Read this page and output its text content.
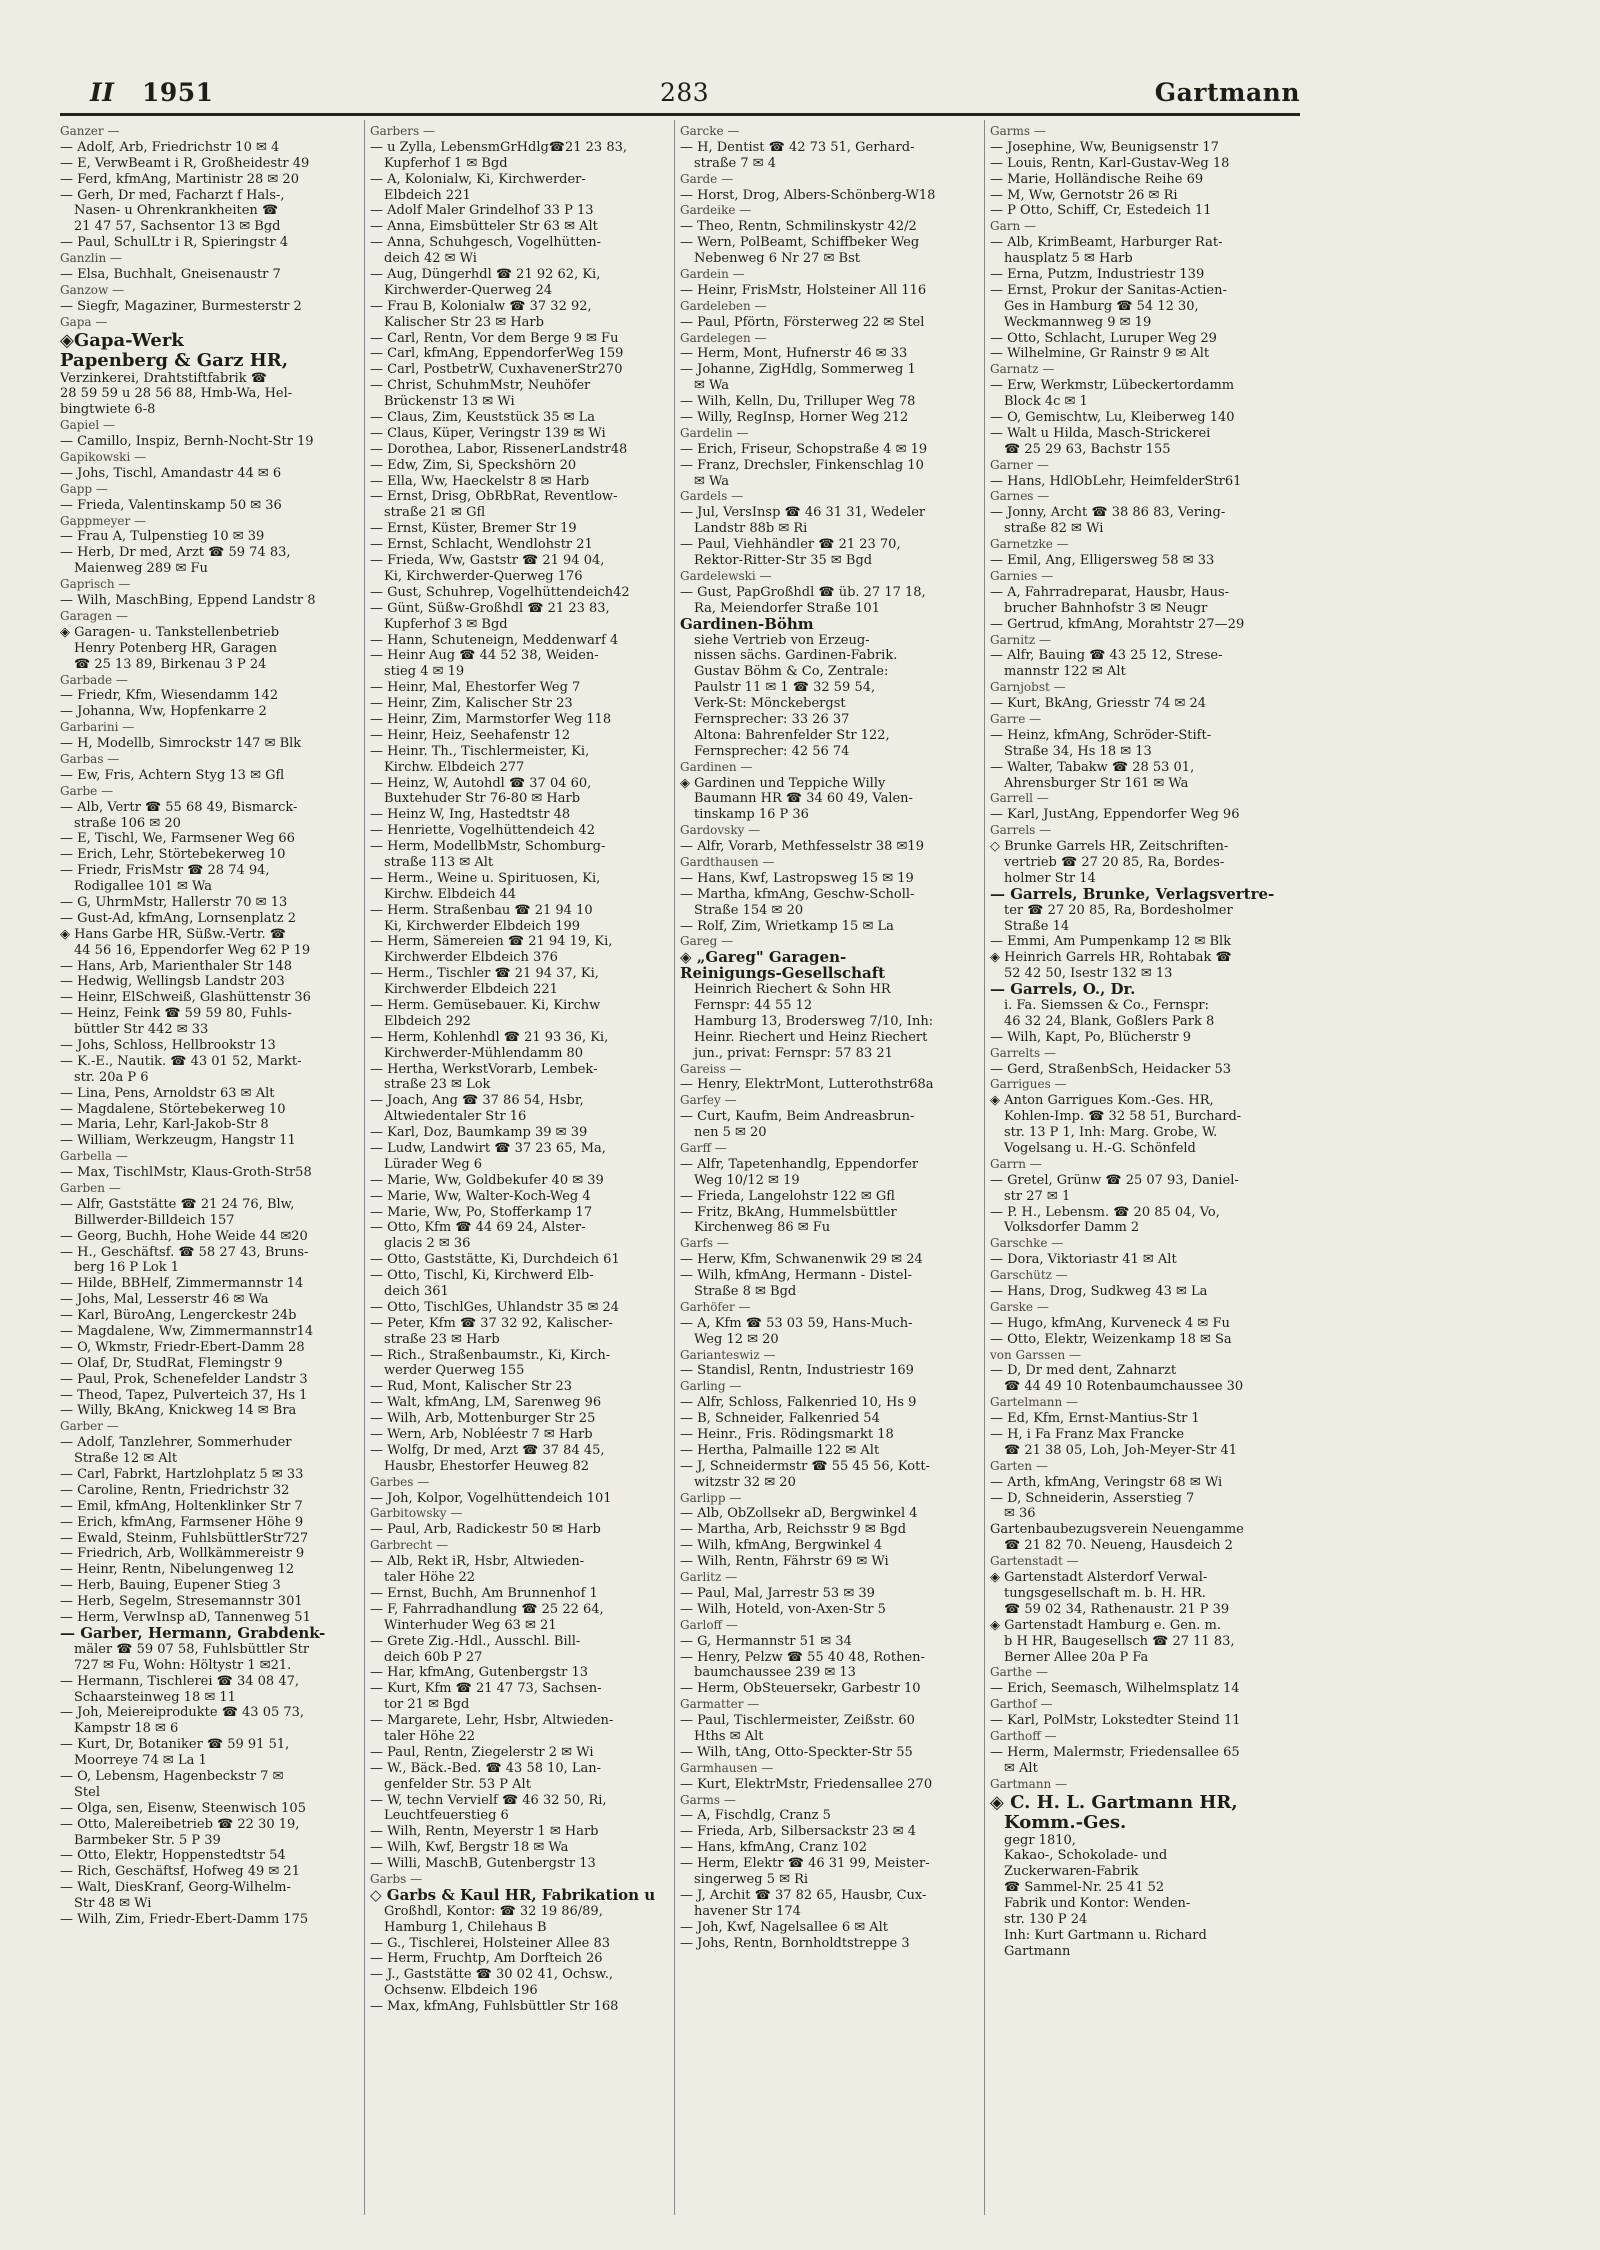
II 1951	283	Gartmann
Ganzer —
— Adolf, Arb, Friedrichstr 10 ✉ 4
— E, VerwBeamt i R, Großheidestr 49
— Ferd, kfmAng, Martinistr 28 ✉ 20
— Gerh, Dr med, Facharzt f Hals-,
Nasen- u Ohrenkrankheiten ☎
21 47 57, Sachsentor 13 ✉ Bgd
— Paul, SchulLtr i R, Spieringstr 4
Ganzlin —
— Elsa, Buchhalt, Gneisenaustr 7
Ganzow —
— Siegfr, Magaziner, Burmesterstr 2
Gapa —
◈ Gapa-Werk
Papenberg & Garz HR,
Verzinkerei, Drahtstiftfabrik ☎
28 59 59 u 28 56 88, Hmb-Wa, Hel-
bingtwiete 6-8
Gapiel —
— Camillo, Inspiz, Bernh-Nocht-Str 19
Gapikowski —
— Johs, Tischl, Amandastr 44 ✉ 6
Gapp —
— Frieda, Valentinskamp 50 ✉ 36
Gappmeyer —
— Frau A, Tulpenstieg 10 ✉ 39
— Herb, Dr med, Arzt ☎ 59 74 83,
Maienweg 289 ✉ Fu
Gaprisch —
— Wilh, MaschBing, Eppend Landstr 8
Garagen —
◈ Garagen- u. Tankstellenbetrieb
Henry Potenberg HR, Garagen
☎ 25 13 89, Birkenau 3 P 24
Garbade —
— Friedr, Kfm, Wiesendamm 142
— Johanna, Ww, Hopfenkarre 2
Garbarini —
— H, Modellb, Simrockstr 147 ✉ Blk
Garbas —
— Ew, Fris, Achtern Styg 13 ✉ Gfl
Garbe —
— Alb, Vertr ☎ 55 68 49, Bismarck-
straße 106 ✉ 20
— E, Tischl, We, Farmsener Weg 66
— Erich, Lehr, Störtebekerweg 10
— Friedr, FrisMstr ☎ 28 74 94,
Rodigallee 101 ✉ Wa
— G, UhrmMstr, Hallerstr 70 ✉ 13
— Gust-Ad, kfmAng, Lornsenplatz 2
◈ Hans Garbe HR, Süßw.-Vertr. ☎
44 56 16, Eppendorfer Weg 62 P 19
— Hans, Arb, Marienthaler Str 148
— Hedwig, Wellingsb Landstr 203
— Heinr, ElSchweiß, Glashüttenstr 36
— Heinz, Feink ☎ 59 59 80, Fuhls-
büttler Str 442 ✉ 33
— Johs, Schloss, Hellbrookstr 13
— K.-E., Nautik. ☎ 43 01 52, Markt-
str. 20a P 6
— Lina, Pens, Arnoldstr 63 ✉ Alt
— Magdalene, Störtebekerweg 10
— Maria, Lehr, Karl-Jakob-Str 8
— William, Werkzeugm, Hangstr 11
Garbella —
— Max, TischlMstr, Klaus-Groth-Str58
Garben —
— Alfr, Gaststätte ☎ 21 24 76, Blw,
Billwerder-Billdeich 157
— Georg, Buchh, Hohe Weide 44 ✉20
— H., Geschäftsf. ☎ 58 27 43, Bruns-
berg 16 P Lok 1
— Hilde, BBHelf, Zimmermannstr 14
— Johs, Mal, Lesserstr 46 ✉ Wa
— Karl, BüroAng, Lengerckestr 24b
— Magdalene, Ww, Zimmermannstr14
— O, Wkmstr, Friedr-Ebert-Damm 28
— Olaf, Dr, StudRat, Flemingstr 9
— Paul, Prok, Schenefelder Landstr 3
— Theod, Tapez, Pulverteich 37, Hs 1
— Willy, BkAng, Knickweg 14 ✉ Bra
Garber —
— Adolf, Tanzlehrer, Sommerhuder
Straße 12 ✉ Alt
— Carl, Fabrkt, Hartzlohplatz 5 ✉ 33
— Caroline, Rentn, Friedrichstr 32
— Emil, kfmAng, Holtenklinker Str 7
— Erich, kfmAng, Farmsener Höhe 9
— Ewald, Steinm, FuhlsbüttlerStr727
— Friedrich, Arb, Wollkämmereistr 9
— Heinr, Rentn, Nibelungenweg 12
— Herb, Bauing, Eupener Stieg 3
— Herb, Segelm, Stresemannstr 301
— Herm, VerwInsp aD, Tannenweg 51
— Garber, Hermann, Grabdenk-
mäler ☎ 59 07 58, Fuhlsbüttler Str
727 ✉ Fu, Wohn: Höltystr 1 ✉21.
— Hermann, Tischlerei ☎ 34 08 47,
Schaarsteinweg 18 ✉ 11
— Joh, Meiereiprodukte ☎ 43 05 73,
Kampstr 18 ✉ 6
— Kurt, Dr, Botaniker ☎ 59 91 51,
Moorreye 74 ✉ La 1
— O, Lebensm, Hagenbeckstr 7 ✉
Stel
— Olga, sen, Eisenw, Steenwisch 105
— Otto, Malereibetrieb ☎ 22 30 19,
Barmbeker Str. 5 P 39
— Otto, Elektr, Hoppenstedtstr 54
— Rich, Geschäftsf, Hofweg 49 ✉ 21
— Walt, DiesKranf, Georg-Wilhelm-
Str 48 ✉ Wi
— Wilh, Zim, Friedr-Ebert-Damm 175
Garbers —
— u Zylla, LebensmGrHdlg☎21 23 83,
Kupferhof 1 ✉ Bgd
— A, Kolonialw, Ki, Kirchwerder-
Elbdeich 221
— Adolf Maler Grindelhof 33 P 13
— Anna, Eimsbütteler Str 63 ✉ Alt
— Anna, Schuhgesch, Vogelhütten-
deich 42 ✉ Wi
— Aug, Düngerhdl ☎ 21 92 62, Ki,
Kirchwerder-Querweg 24
— Frau B, Kolonialw ☎ 37 32 92,
Kalischer Str 23 ✉ Harb
— Carl, Rentn, Vor dem Berge 9 ✉ Fu
— Carl, kfmAng, EppendorferWeg 159
— Carl, PostbetrW, CuxhavenerStr270
— Christ, SchuhmMstr, Neuhöfer
Brückenstr 13 ✉ Wi
— Claus, Zim, Keuststück 35 ✉ La
— Claus, Küper, Veringstr 139 ✉ Wi
— Dorothea, Labor, RissenerLandstr48
— Edw, Zim, Si, Speckshörn 20
— Ella, Ww, Haeckelstr 8 ✉ Harb
— Ernst, Drisg, ObRbRat, Reventlow-
straße 21 ✉ Gfl
— Ernst, Küster, Bremer Str 19
— Ernst, Schlacht, Wendlohstr 21
— Frieda, Ww, Gaststr ☎ 21 94 04,
Ki, Kirchwerder-Querweg 176
— Gust, Schuhrep, Vogelhüttendeich42
— Günt, Süßw-Großhdl ☎ 21 23 83,
Kupferhof 3 ✉ Bgd
— Hann, Schuteneign, Meddenwarf 4
— Heinr Aug ☎ 44 52 38, Weiden-
stieg 4 ✉ 19
— Heinr, Mal, Ehestorfer Weg 7
— Heinr, Zim, Kalischer Str 23
— Heinr, Zim, Marmstorfer Weg 118
— Heinr, Heiz, Seehafenstr 12
— Heinr. Th., Tischlermeister, Ki,
Kirchw. Elbdeich 277
— Heinz, W, Autohdl ☎ 37 04 60,
Buxtehuder Str 76-80 ✉ Harb
— Heinz W, Ing, Hastedtstr 48
— Henriette, Vogelhüttendeich 42
— Herm, ModellbMstr, Schomburg-
straße 113 ✉ Alt
— Herm., Weine u. Spirituosen, Ki,
Kirchw. Elbdeich 44
— Herm. Straßenbau ☎ 21 94 10
Ki, Kirchwerder Elbdeich 199
— Herm, Sämereien ☎ 21 94 19, Ki,
Kirchwerder Elbdeich 376
— Herm., Tischler ☎ 21 94 37, Ki,
Kirchwerder Elbdeich 221
— Herm. Gemüsebauer. Ki, Kirchw
Elbdeich 292
— Herm, Kohlenhdl ☎ 21 93 36, Ki,
Kirchwerder-Mühlendamm 80
— Hertha, WerkstVorarb, Lembek-
straße 23 ✉ Lok
— Joach, Ang ☎ 37 86 54, Hsbr,
Altwiedentaler Str 16
— Karl, Doz, Baumkamp 39 ✉ 39
— Ludw, Landwirt ☎ 37 23 65, Ma,
Lürader Weg 6
— Marie, Ww, Goldbekufer 40 ✉ 39
— Marie, Ww, Walter-Koch-Weg 4
— Marie, Ww, Po, Stofferkamp 17
— Otto, Kfm ☎ 44 69 24, Alster-
glacis 2 ✉ 36
— Otto, Gaststätte, Ki, Durchdeich 61
— Otto, Tischl, Ki, Kirchwerd Elb-
deich 361
— Otto, TischlGes, Uhlandstr 35 ✉ 24
— Peter, Kfm ☎ 37 32 92, Kalischer-
straße 23 ✉ Harb
— Rich., Straßenbaumstr., Ki, Kirch-
werder Querweg 155
— Rud, Mont, Kalischer Str 23
— Walt, kfmAng, LM, Sarenweg 96
— Wilh, Arb, Mottenburger Str 25
— Wern, Arb, Nobléestr 7 ✉ Harb
— Wolfg, Dr med, Arzt ☎ 37 84 45,
Hausbr, Ehestorfer Heuweg 82
Garbes —
— Joh, Kolpor, Vogelhüttendeich 101
Garbitowsky —
— Paul, Arb, Radickestr 50 ✉ Harb
Garbrecht —
— Alb, Rekt iR, Hsbr, Altwieden-
taler Höhe 22
— Ernst, Buchh, Am Brunnenhof 1
— F, Fahrradhandlung ☎ 25 22 64,
Winterhuder Weg 63 ✉ 21
— Grete Zig.-Hdl., Ausschl. Bill-
deich 60b P 27
— Har, kfmAng, Gutenbergstr 13
— Kurt, Kfm ☎ 21 47 73, Sachsen-
tor 21 ✉ Bgd
— Margarete, Lehr, Hsbr, Altwieden-
taler Höhe 22
— Paul, Rentn, Ziegelerstr 2 ✉ Wi
— W., Bäck.-Bed. ☎ 43 58 10, Lan-
genfelder Str. 53 P Alt
— W, techn Vervielf ☎ 46 32 50, Ri,
Leuchtfeuerstieg 6
— Wilh, Rentn, Meyerstr 1 ✉ Harb
— Wilh, Kwf, Bergstr 18 ✉ Wa
— Willi, MaschB, Gutenbergstr 13
Garbs —
◇ Garbs & Kaul HR, Fabrikation u
Großhdl, Kontor: ☎ 32 19 86/89,
Hamburg 1, Chilehaus B
— G., Tischlerei, Holsteiner Allee 83
— Herm, Fruchtp, Am Dorfteich 26
— J., Gaststätte ☎ 30 02 41, Ochsw.,
Ochsenw. Elbdeich 196
— Max, kfmAng, Fuhlsbüttler Str 168
Garcke —
— H, Dentist ☎ 42 73 51, Gerhard-
straße 7 ✉ 4
Garde —
— Horst, Drog, Albers-Schönberg-W18
Gardeike —
— Theo, Rentn, Schmilinskystr 42/2
— Wern, PolBeamt, Schiffbeker Weg
Nebenweg 6 Nr 27 ✉ Bst
Gardein —
— Heinr, FrisMstr, Holsteiner All 116
Gardeleben —
— Paul, Pförtn, Försterweg 22 ✉ Stel
Gardelegen —
— Herm, Mont, Hufnerstr 46 ✉ 33
— Johanne, ZigHdlg, Sommerweg 1
✉ Wa
— Wilh, Kelln, Du, Trilluper Weg 78
— Willy, RegInsp, Horner Weg 212
Gardelin —
— Erich, Friseur, Schopstraße 4 ✉ 19
— Franz, Drechsler, Finkenschlag 10
✉ Wa
Gardels —
— Jul, VersInsp ☎ 46 31 31, Wedeler
Landstr 88b ✉ Ri
— Paul, Viehhändler ☎ 21 23 70,
Rektor-Ritter-Str 35 ✉ Bgd
Gardelewski —
— Gust, PapGroßhdl ☎ üb. 27 17 18,
Ra, Meiendorfer Straße 101
Gardinen-Böhm
siehe Vertrieb von Erzeug-
nissen sächs. Gardinen-Fabrik.
Gustav Böhm & Co, Zentrale:
Paulstr 11 ✉ 1 ☎ 32 59 54,
Verk-St: Mönckebergst
Fernsprecher: 33 26 37
Altona: Bahrenfelder Str 122,
Fernsprecher: 42 56 74
Gardinen —
◈ Gardinen und Teppiche Willy
Baumann HR ☎ 34 60 49, Valen-
tinskamp 16 P 36
Gardovsky —
— Alfr, Vorarb, Methfesselstr 38 ✉19
Gardthausen —
— Hans, Kwf, Lastropsweg 15 ✉ 19
— Martha, kfmAng, Geschw-Scholl-
Straße 154 ✉ 20
— Rolf, Zim, Wrietkamp 15 ✉ La
Gareg —
◈ „Gareg" Garagen-
Reinigungs-Gesellschaft
Heinrich Riechert & Sohn HR
Fernspr: 44 55 12
Hamburg 13, Brodersweg 7/10, Inh:
Heinr. Riechert und Heinz Riechert
jun., privat: Fernspr: 57 83 21
Gareiss —
— Henry, ElektrMont, Lutterothstr68a
Garfey —
— Curt, Kaufm, Beim Andreasbrun-
nen 5 ✉ 20
Garff —
— Alfr, Tapetenhandlg, Eppendorfer
Weg 10/12 ✉ 19
— Frieda, Langelohstr 122 ✉ Gfl
— Fritz, BkAng, Hummelsbüttler
Kirchenweg 86 ✉ Fu
Garfs —
— Herw, Kfm, Schwanenwik 29 ✉ 24
— Wilh, kfmAng, Hermann - Distel-
Straße 8 ✉ Bgd
Garhöfer —
— A, Kfm ☎ 53 03 59, Hans-Much-
Weg 12 ✉ 20
Garianteswiz —
— Standisl, Rentn, Industriestr 169
Garling —
— Alfr, Schloss, Falkenried 10, Hs 9
— B, Schneider, Falkenried 54
— Heinr., Fris. Rödingsmarkt 18
— Hertha, Palmaille 122 ✉ Alt
— J, Schneidermstr ☎ 55 45 56, Kott-
witzstr 32 ✉ 20
Garlipp —
— Alb, ObZollsekr aD, Bergwinkel 4
— Martha, Arb, Reichsstr 9 ✉ Bgd
— Wilh, kfmAng, Bergwinkel 4
— Wilh, Rentn, Fährstr 69 ✉ Wi
Garlitz —
— Paul, Mal, Jarrestr 53 ✉ 39
— Wilh, Hoteld, von-Axen-Str 5
Garloff —
— G, Hermannstr 51 ✉ 34
— Henry, Pelzw ☎ 55 40 48, Rothen-
baumchaussee 239 ✉ 13
— Herm, ObSteuersekr, Garbestr 10
Garmatter —
— Paul, Tischlermeister, Zeißstr. 60
Hths ✉ Alt
— Wilh, tAng, Otto-Speckter-Str 55
Garmhausen —
— Kurt, ElektrMstr, Friedensallee 270
Garms —
— A, Fischdlg, Cranz 5
— Frieda, Arb, Silbersackstr 23 ✉ 4
— Hans, kfmAng, Cranz 102
— Herm, Elektr ☎ 46 31 99, Meister-
singerweg 5 ✉ Ri
— J, Archit ☎ 37 82 65, Hausbr, Cux-
havener Str 174
— Joh, Kwf, Nagelsallee 6 ✉ Alt
— Johs, Rentn, Bornholdtstreppe 3
Garms —
— Josephine, Ww, Beunigsenstr 17
— Louis, Rentn, Karl-Gustav-Weg 18
— Marie, Holländische Reihe 69
— M, Ww, Gernotstr 26 ✉ Ri
— P Otto, Schiff, Cr, Estedeich 11
Garn —
— Alb, KrimBeamt, Harburger Rat-
hausplatz 5 ✉ Harb
— Erna, Putzm, Industriestr 139
— Ernst, Prokur der Sanitas-Actien-
Ges in Hamburg ☎ 54 12 30,
Weckmannweg 9 ✉ 19
— Otto, Schlacht, Luruper Weg 29
— Wilhelmine, Gr Rainstr 9 ✉ Alt
Garnatz —
— Erw, Werkmstr, Lübeckertordamm
Block 4c ✉ 1
— O, Gemischtw, Lu, Kleiberweg 140
— Walt u Hilda, Masch-Strickerei
☎ 25 29 63, Bachstr 155
Garner —
— Hans, HdlObLehr, HeimfelderStr61
Garnes —
— Jonny, Archt ☎ 38 86 83, Vering-
straße 82 ✉ Wi
Garnetzke —
— Emil, Ang, Elligersweg 58 ✉ 33
Garnies —
— A, Fahrradreparat, Hausbr, Haus-
brucher Bahnhofstr 3 ✉ Neugr
— Gertrud, kfmAng, Morahtstr 27—29
Garnitz —
— Alfr, Bauing ☎ 43 25 12, Strese-
mannstr 122 ✉ Alt
Garnjobst —
— Kurt, BkAng, Griesstr 74 ✉ 24
Garre —
— Heinz, kfmAng, Schröder-Stift-
Straße 34, Hs 18 ✉ 13
— Walter, Tabakw ☎ 28 53 01,
Ahrensburger Str 161 ✉ Wa
Garrell —
— Karl, JustAng, Eppendorfer Weg 96
Garrels —
◇ Brunke Garrels HR, Zeitschriften-
vertrieb ☎ 27 20 85, Ra, Bordes-
holmer Str 14
— Garrels, Brunke, Verlagsvertre-
ter ☎ 27 20 85, Ra, Bordesholmer
Straße 14
— Emmi, Am Pumpenkamp 12 ✉ Blk
◈ Heinrich Garrels HR, Rohtabak ☎
52 42 50, Isestr 132 ✉ 13
— Garrels, O., Dr.
i. Fa. Siemssen & Co., Fernspr:
46 32 24, Blank, Goßlers Park 8
— Wilh, Kapt, Po, Blücherstr 9
Garrelts —
— Gerd, StraßenbSch, Heidacker 53
Garrigues —
◈ Anton Garrigues Kom.-Ges. HR,
Kohlen-Imp. ☎ 32 58 51, Burchard-
str. 13 P 1, Inh: Marg. Grobe, W.
Vogelsang u. H.-G. Schönfeld
Garrn —
— Gretel, Grünw ☎ 25 07 93, Daniel-
str 27 ✉ 1
— P. H., Lebensm. ☎ 20 85 04, Vo,
Volksdorfer Damm 2
Garschke —
— Dora, Viktoriastr 41 ✉ Alt
Garschütz —
— Hans, Drog, Sudkweg 43 ✉ La
Garske —
— Hugo, kfmAng, Kurveneck 4 ✉ Fu
— Otto, Elektr, Weizenkamp 18 ✉ Sa
von Garssen —
— D, Dr med dent, Zahnarzt
☎ 44 49 10 Rotenbaumchaussee 30
Gartelmann —
— Ed, Kfm, Ernst-Mantius-Str 1
— H, i Fa Franz Max Francke
☎ 21 38 05, Loh, Joh-Meyer-Str 41
Garten —
— Arth, kfmAng, Veringstr 68 ✉ Wi
— D, Schneiderin, Asserstieg 7
✉ 36
Gartenbaubezugsverein Neuengamme
☎ 21 82 70. Neueng, Hausdeich 2
Gartenstadt —
◈ Gartenstadt Alsterdorf Verwal-
tungsgesellschaft m. b. H. HR.
☎ 59 02 34, Rathenaustr. 21 P 39
◈ Gartenstadt Hamburg e. Gen. m.
b H HR, Baugesellsch ☎ 27 11 83,
Berner Allee 20a P Fa
Garthe —
— Erich, Seemasch, Wilhelmsplatz 14
Garthof —
— Karl, PolMstr, Lokstedter Steind 11
Garthoff —
— Herm, Malermstr, Friedensallee 65
✉ Alt
Gartmann —
◈ C. H. L. Gartmann HR,
Komm.-Ges.
gegr 1810,
Kakao-, Schokolade- und
Zuckerwaren-Fabrik
☎ Sammel-Nr. 25 41 52
Fabrik und Kontor: Wenden-
str. 130 P 24
Inh: Kurt Gartmann u. Richard
Gartmann
